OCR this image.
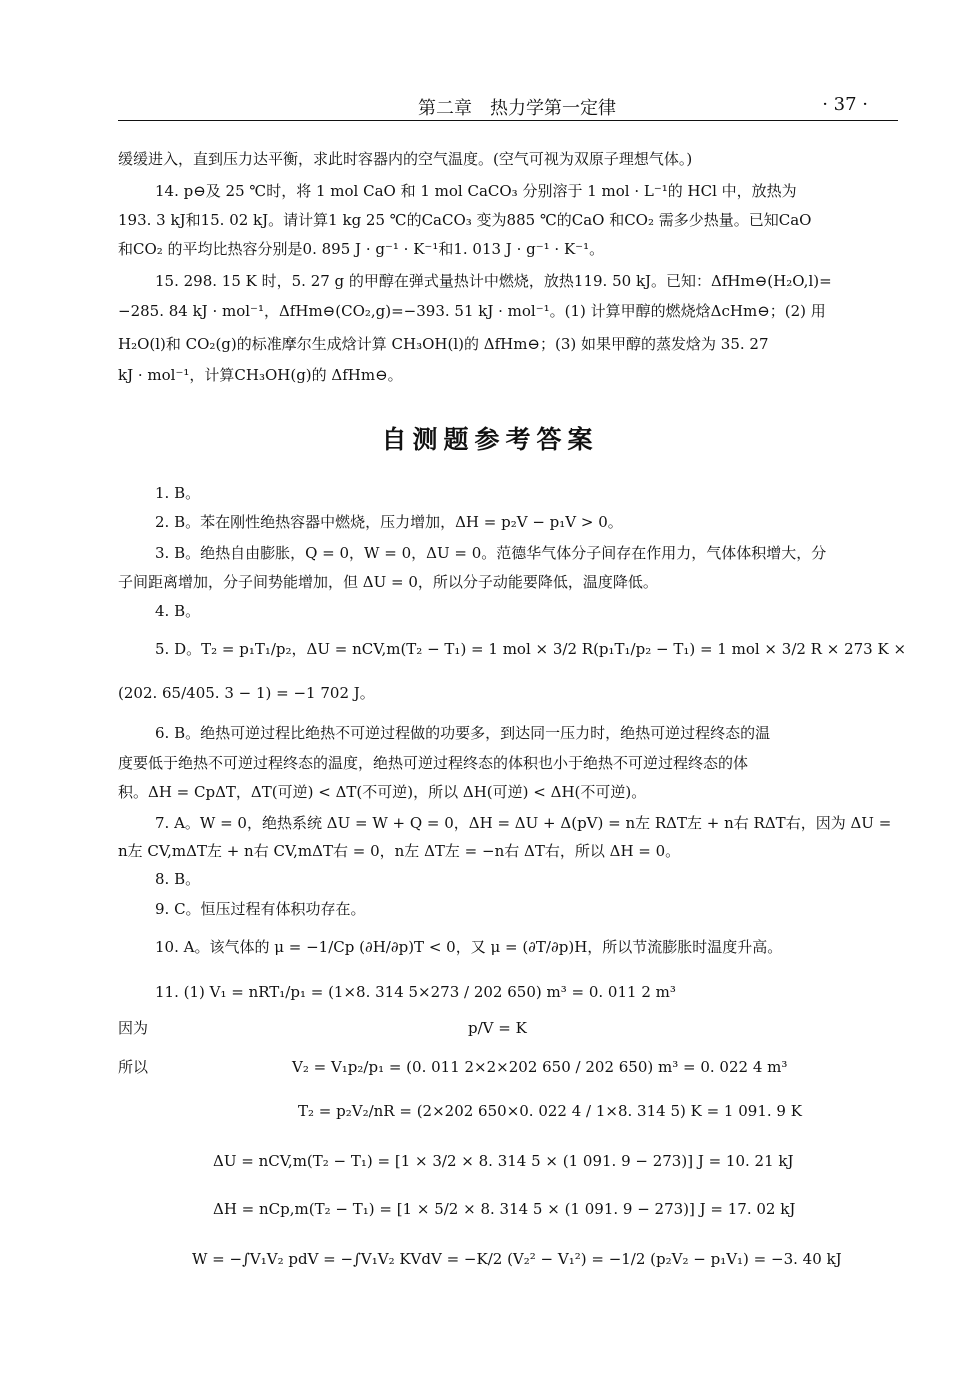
第二章　热力学第一定律	· 37 ·
缓缓进入，直到压力达平衡，求此时容器内的空气温度。(空气可视为双原子理想气体。)
14. p⊖及 25 ℃时，将 1 mol CaO 和 1 mol CaCO₃ 分别溶于 1 mol · L⁻¹的 HCl 中，放热为
193. 3 kJ和15. 02 kJ。请计算1 kg 25 ℃的CaCO₃ 变为885 ℃的CaO 和CO₂ 需多少热量。已知CaO
和CO₂ 的平均比热容分别是0. 895 J · g⁻¹ · K⁻¹和1. 013 J · g⁻¹ · K⁻¹。
15. 298. 15 K 时，5. 27 g 的甲醇在弹式量热计中燃烧，放热119. 50 kJ。已知：ΔfHm⊖(H₂O,l)=
−285. 84 kJ · mol⁻¹，ΔfHm⊖(CO₂,g)=−393. 51 kJ · mol⁻¹。(1) 计算甲醇的燃烧焓ΔcHm⊖；(2) 用
H₂O(l)和 CO₂(g)的标准摩尔生成焓计算 CH₃OH(l)的 ΔfHm⊖；(3) 如果甲醇的蒸发焓为 35. 27
kJ · mol⁻¹，计算CH₃OH(g)的 ΔfHm⊖。
自测题参考答案
1. B。
2. B。苯在刚性绝热容器中燃烧，压力增加，ΔH = p₂V − p₁V > 0。
3. B。绝热自由膨胀，Q = 0，W = 0，ΔU = 0。范德华气体分子间存在作用力，气体体积增大，分
子间距离增加，分子间势能增加，但 ΔU = 0，所以分子动能要降低，温度降低。
4. B。
5. D。T₂ = p₁T₁/p₂，ΔU = nCV,m(T₂ − T₁) = 1 mol × 3/2 R(p₁T₁/p₂ − T₁) = 1 mol × 3/2 R × 273 K ×
(202. 65/405. 3 − 1) = −1 702 J。
6. B。绝热可逆过程比绝热不可逆过程做的功要多，到达同一压力时，绝热可逆过程终态的温
度要低于绝热不可逆过程终态的温度，绝热可逆过程终态的体积也小于绝热不可逆过程终态的体
积。ΔH = CpΔT，ΔT(可逆) < ΔT(不可逆)，所以 ΔH(可逆) < ΔH(不可逆)。
7. A。W = 0，绝热系统 ΔU = W + Q = 0，ΔH = ΔU + Δ(pV) = n左 RΔT左 + n右 RΔT右，因为 ΔU =
n左 CV,mΔT左 + n右 CV,mΔT右 = 0，n左 ΔT左 = −n右 ΔT右，所以 ΔH = 0。
8. B。
9. C。恒压过程有体积功存在。
10. A。该气体的 μ = −1/Cp (∂H/∂p)T < 0，又 μ = (∂T/∂p)H，所以节流膨胀时温度升高。
11. (1) V₁ = nRT₁/p₁ = (1×8. 314 5×273 / 202 650) m³ = 0. 011 2 m³
因为
所以
p/V = K
V₂ = V₁p₂/p₁ = (0. 011 2×2×202 650 / 202 650) m³ = 0. 022 4 m³
T₂ = p₂V₂/nR = (2×202 650×0. 022 4 / 1×8. 314 5) K = 1 091. 9 K
ΔU = nCV,m(T₂ − T₁) = [1 × 3/2 × 8. 314 5 × (1 091. 9 − 273)] J = 10. 21 kJ
ΔH = nCp,m(T₂ − T₁) = [1 × 5/2 × 8. 314 5 × (1 091. 9 − 273)] J = 17. 02 kJ
W = −∫V₁V₂ pdV = −∫V₁V₂ KVdV = −K/2 (V₂² − V₁²) = −1/2 (p₂V₂ − p₁V₁) = −3. 40 kJ
